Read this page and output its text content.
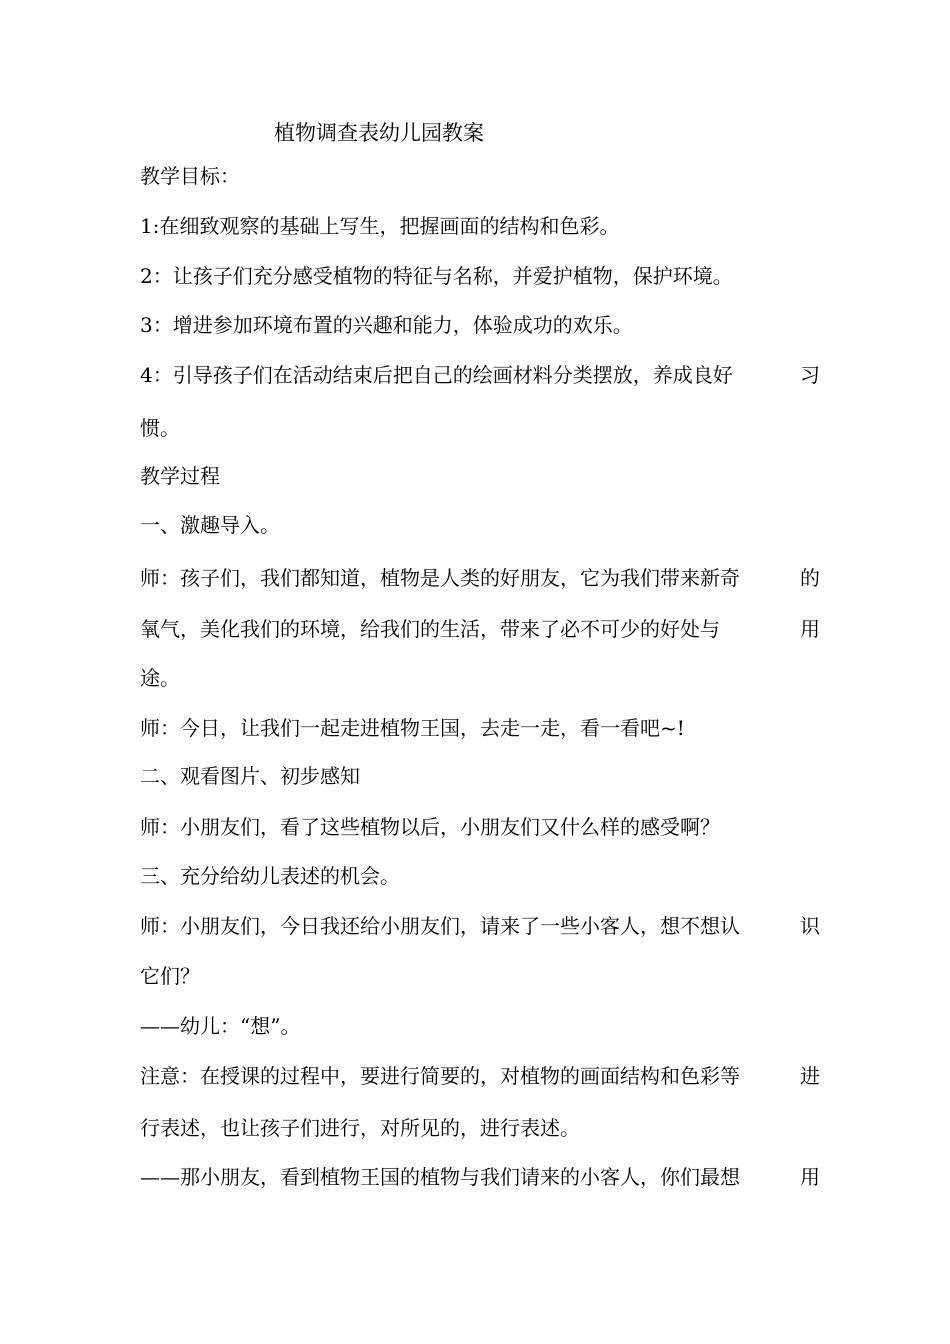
植物调查表幼儿园教案
教学目标：
1:在细致观察的基础上写生，把握画面的结构和色彩。
2：让孩子们充分感受植物的特征与名称，并爱护植物，保护环境。
3：增进参加环境布置的兴趣和能力，体验成功的欢乐。
4：引导孩子们在活动结束后把自己的绘画材料分类摆放，养成良好	习
惯。
教学过程
一、激趣导入。
师：孩子们，我们都知道，植物是人类的好朋友，它为我们带来新奇	的
氧气，美化我们的环境，给我们的生活，带来了必不可少的好处与	用
途。
师：今日，让我们一起走进植物王国，去走一走，看一看吧~!
二、观看图片、初步感知
师：小朋友们，看了这些植物以后，小朋友们又什么样的感受啊？
三、充分给幼儿表述的机会。
师：小朋友们，今日我还给小朋友们，请来了一些小客人，想不想认	识
它们？
——幼儿：“想”。
注意：在授课的过程中，要进行简要的，对植物的画面结构和色彩等	进
行表述，也让孩子们进行，对所见的，进行表述。
——那小朋友，看到植物王国的植物与我们请来的小客人，你们最想	用
